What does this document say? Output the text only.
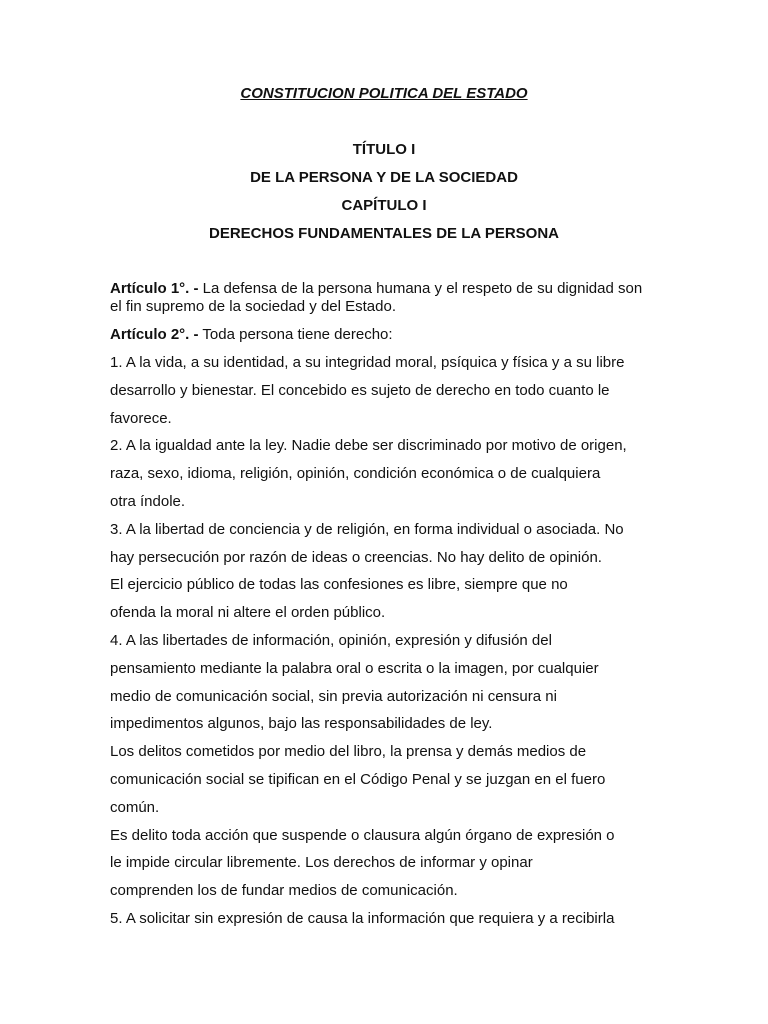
CONSTITUCION POLITICA DEL ESTADO
TÍTULO I
DE LA PERSONA Y DE LA SOCIEDAD
CAPÍTULO I
DERECHOS FUNDAMENTALES DE LA PERSONA
Artículo 1°. - La defensa de la persona humana y el respeto de su dignidad son
el fin supremo de la sociedad y del Estado.
Artículo 2°. - Toda persona tiene derecho:
1. A la vida, a su identidad, a su integridad moral, psíquica y física y a su libre
desarrollo y bienestar. El concebido es sujeto de derecho en todo cuanto le
favorece.
2. A la igualdad ante la ley. Nadie debe ser discriminado por motivo de origen,
raza, sexo, idioma, religión, opinión, condición económica o de cualquiera
otra índole.
3. A la libertad de conciencia y de religión, en forma individual o asociada. No
hay persecución por razón de ideas o creencias. No hay delito de opinión.
El ejercicio público de todas las confesiones es libre, siempre que no
ofenda la moral ni altere el orden público.
4. A las libertades de información, opinión, expresión y difusión del
pensamiento mediante la palabra oral o escrita o la imagen, por cualquier
medio de comunicación social, sin previa autorización ni censura ni
impedimentos algunos, bajo las responsabilidades de ley.
Los delitos cometidos por medio del libro, la prensa y demás medios de
comunicación social se tipifican en el Código Penal y se juzgan en el fuero
común.
Es delito toda acción que suspende o clausura algún órgano de expresión o
le impide circular libremente. Los derechos de informar y opinar
comprenden los de fundar medios de comunicación.
5. A solicitar sin expresión de causa la información que requiera y a recibirla
